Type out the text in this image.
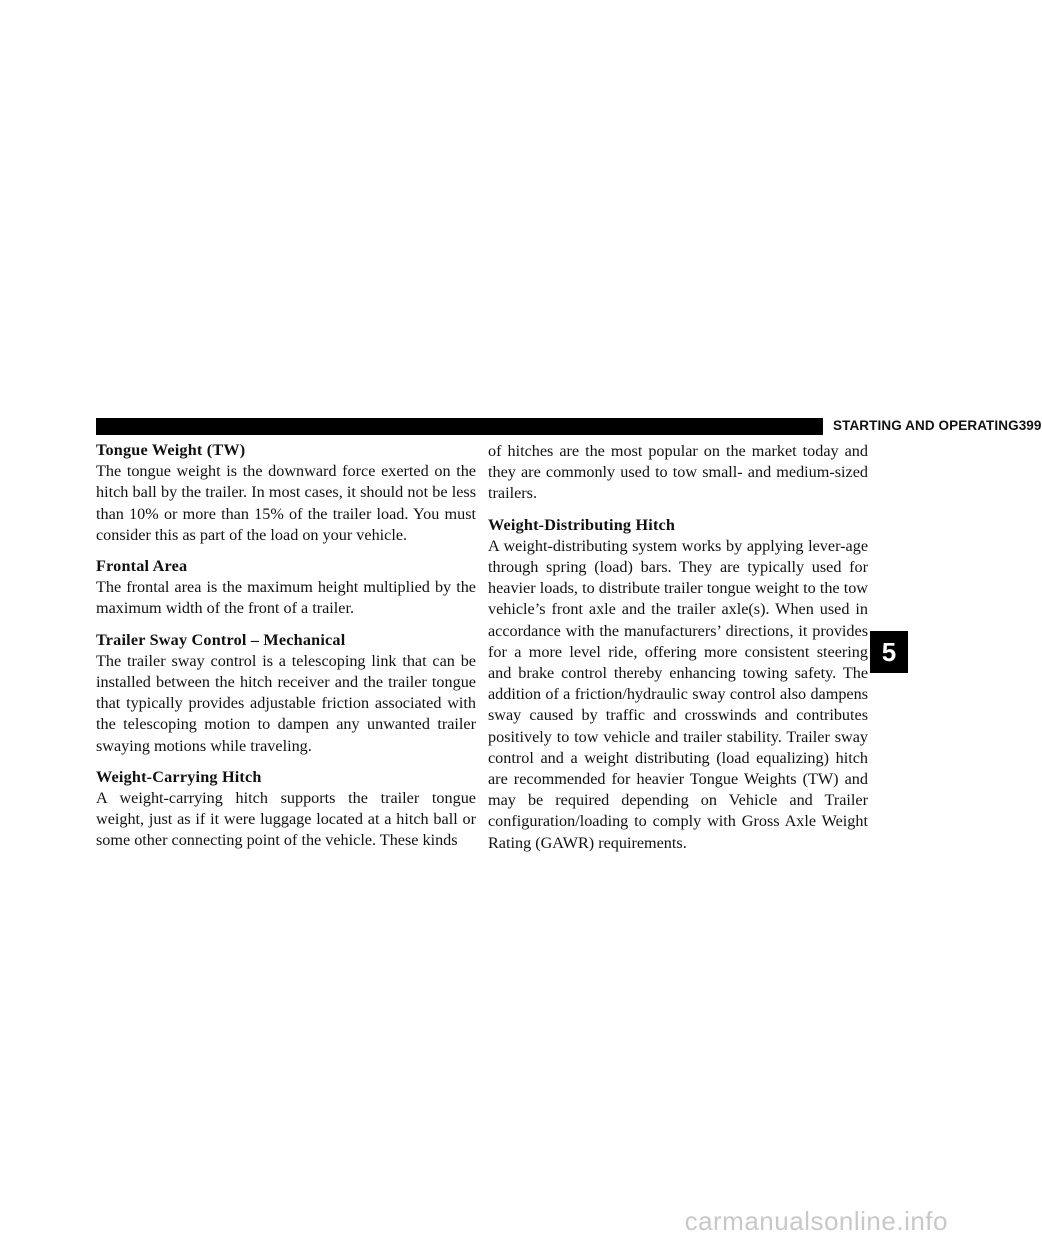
STARTING AND OPERATING 399
Tongue Weight (TW)

The tongue weight is the downward force exerted on the hitch ball by the trailer. In most cases, it should not be less than 10% or more than 15% of the trailer load. You must consider this as part of the load on your vehicle.

Frontal Area

The frontal area is the maximum height multiplied by the maximum width of the front of a trailer.

Trailer Sway Control – Mechanical

The trailer sway control is a telescoping link that can be installed between the hitch receiver and the trailer tongue that typically provides adjustable friction associated with the telescoping motion to dampen any unwanted trailer swaying motions while traveling.

Weight-Carrying Hitch

A weight-carrying hitch supports the trailer tongue weight, just as if it were luggage located at a hitch ball or some other connecting point of the vehicle. These kinds

of hitches are the most popular on the market today and they are commonly used to tow small- and medium-sized trailers.

Weight-Distributing Hitch

A weight-distributing system works by applying lever-age through spring (load) bars. They are typically used for heavier loads, to distribute trailer tongue weight to the tow vehicle’s front axle and the trailer axle(s). When used in accordance with the manufacturers’ directions, it provides for a more level ride, offering more consistent steering and brake control thereby enhancing towing safety. The addition of a friction/hydraulic sway control also dampens sway caused by traffic and crosswinds and contributes positively to tow vehicle and trailer stability. Trailer sway control and a weight distributing (load equalizing) hitch are recommended for heavier Tongue Weights (TW) and may be required depending on Vehicle and Trailer configuration/loading to comply with Gross Axle Weight Rating (GAWR) requirements.

5
carmanualsonline.info
